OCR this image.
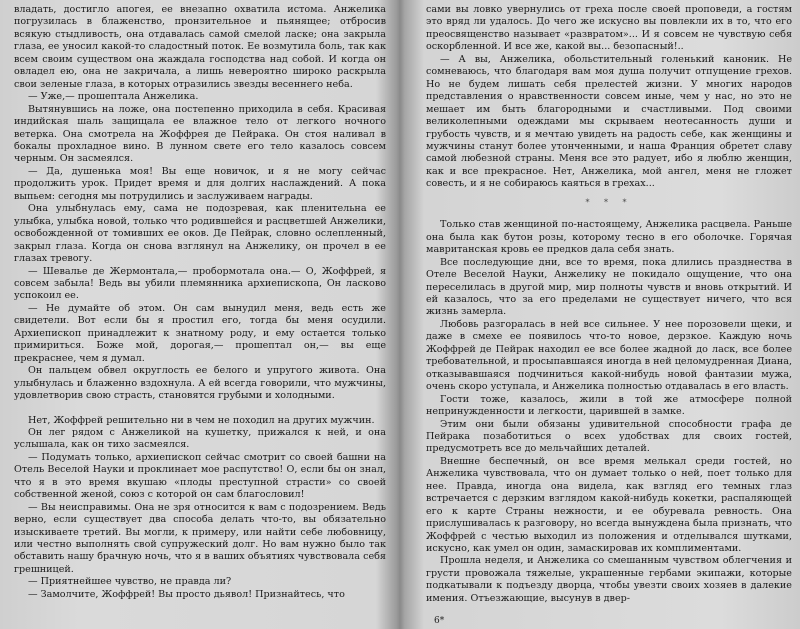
владать, достигло апогея, ее внезапно охватила истома. Анжелика погрузилась в блаженство, пронзительное и пьянящее; отбросив всякую стыдливость, она отдавалась самой смелой ласке; она закрыла глаза, ее уносил какой-то сладостный поток. Ее возмутила боль, так как всем своим существом она жаждала господства над собой. И когда он овладел ею, она не закричала, а лишь невероятно широко раскрыла свои зеленые глаза, в которых отразились звезды весеннего неба.

— Уже,— прошептала Анжелика.

Вытянувшись на ложе, она постепенно приходила в себя. Красивая индийская шаль защищала ее влажное тело от легкого ночного ветерка. Она смотрела на Жоффрея де Пейрака. Он стоя наливал в бокалы прохладное вино. В лунном свете его тело казалось совсем черным. Он засмеялся.

— Да, душенька моя! Вы еще новичок, и я не могу сейчас продолжить урок. Придет время и для долгих наслаждений. А пока выпьем: сегодня мы потрудились и заслуживаем награды.

Она улыбнулась ему, сама не подозревая, как пленительна ее улыбка, улыбка новой, только что родившейся и расцветшей Анжелики, освобожденной от томивших ее оков. Де Пейрак, словно ослепленный, закрыл глаза. Когда он снова взглянул на Анжелику, он прочел в ее глазах тревогу.

— Шевалье де Жермонтала,— пробормотала она.— О, Жоффрей, я совсем забыла! Ведь вы убили племянника архиепископа, Он ласково успокоил ее.

— Не думайте об этом. Он сам вынудил меня, ведь есть же свидетели. Вот если бы я простил его, тогда бы меня осудили. Архиепископ принадлежит к знатному роду, и ему остается только примириться. Боже мой, дорогая,— прошептал он,— вы еще прекраснее, чем я думал.

Он пальцем обвел округлость ее белого и упругого живота. Она улыбнулась и блаженно вздохнула. А ей всегда говорили, что мужчины, удовлетворив свою страсть, становятся грубыми и холодными.

Нет, Жоффрей решительно ни в чем не походил на других мужчин.

Он лег рядом с Анжеликой на кушетку, прижался к ней, и она услышала, как он тихо засмеялся.

— Подумать только, архиепископ сейчас смотрит со своей башни на Отель Веселой Науки и проклинает мое распутство! О, если бы он знал, что я в это время вкушаю «плоды преступной страсти» со своей собственной женой, союз с которой он сам благословил!

— Вы неисправимы. Она не зря относится к вам с подозрением. Ведь верно, если существует два способа делать что-то, вы обязательно изыскиваете третий. Вы могли, к примеру, или найти себе любовницу, или честно выполнять свой супружеский долг. Но вам нужно было так обставить нашу брачную ночь, что я в ваших объятиях чувствовала себя грешницей.

— Приятнейшее чувство, не правда ли?

— Замолчите, Жоффрей! Вы просто дьявол! Признайтесь, что

сами вы ловко увернулись от греха после своей проповеди, а гостям это вряд ли удалось. До чего же искусно вы повлекли их в то, что его преосвященство называет «развратом»... И я совсем не чувствую себя оскорбленной. И все же, какой вы... безопасный!..

— А вы, Анжелика, обольстительный голенький каноник. Не сомневаюсь, что благодаря вам моя душа получит отпущение грехов. Но не будем лишать себя прелестей жизни. У многих народов представления о нравственности совсем иные, чем у нас, но это не мешает им быть благородными и счастливыми. Под своими великолепными одеждами мы скрываем неотесанность души и грубость чувств, и я мечтаю увидеть на радость себе, как женщины и мужчины станут более утонченными, и наша Франция обретет славу самой любезной страны. Меня все это радует, ибо я люблю женщин, как и все прекрасное. Нет, Анжелика, мой ангел, меня не гложет совесть, и я не собираюсь каяться в грехах...

* * *

Только став женщиной по-настоящему, Анжелика расцвела. Раньше она была как бутон розы, которому тесно в его оболочке. Горячая мавританская кровь ее предков дала себя знать.

Все последующие дни, все то время, пока длились празднества в Отеле Веселой Науки, Анжелику не покидало ощущение, что она переселилась в другой мир, мир полноты чувств и вновь открытий. И ей казалось, что за его пределами не существует ничего, что вся жизнь замерла.

Любовь разгоралась в ней все сильнее. У нее порозовели щеки, и даже в смехе ее появилось что-то новое, дерзкое. Каждую ночь Жоффрей де Пейрак находил ее все более жадной до ласк, все более требовательной, и просыпавшаяся иногда в ней целомудренная Диана, отказывавшаяся подчиниться какой-нибудь новой фантазии мужа, очень скоро уступала, и Анжелика полностью отдавалась в его власть.

Гости тоже, казалось, жили в той же атмосфере полной непринужденности и легкости, царившей в замке.

Этим они были обязаны удивительной способности графа де Пейрака позаботиться о всех удобствах для своих гостей, предусмотреть все до мельчайших деталей.

Внешне беспечный, он все время мелькал среди гостей, но Анжелика чувствовала, что он думает только о ней, поет только для нее. Правда, иногда она видела, как взгляд его темных глаз встречается с дерзким взглядом какой-нибудь кокетки, распаляющей его к карте Страны нежности, и ее обуревала ревность. Она прислушивалась к разговору, но всегда вынуждена была признать, что Жоффрей с честью выходил из положения и отделывался шутками, искусно, как умел он один, замаскировав их комплиментами.

Прошла неделя, и Анжелика со смешанным чувством облегчения и грусти провожала тяжелые, украшенные гербами экипажи, которые подкатывали к подъезду дворца, чтобы увезти своих хозяев в далекие имения. Отъезжающие, высунув в двер-

6*
